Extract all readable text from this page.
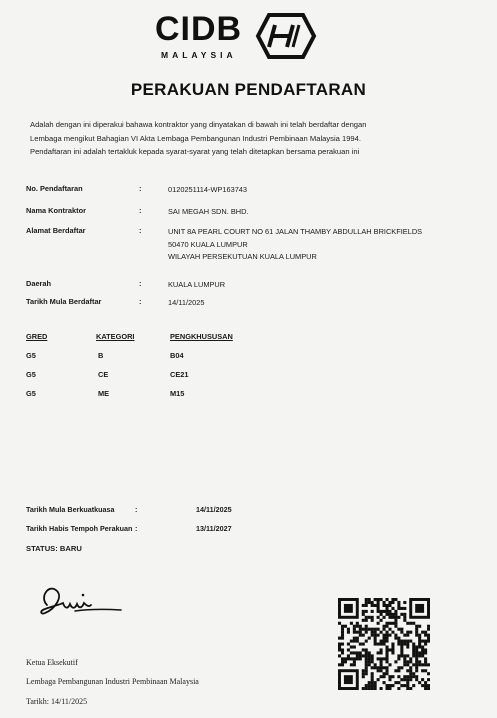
CIDB
MALAYSIA
PERAKUAN PENDAFTARAN
Adalah dengan ini diperakui bahawa kontraktor yang dinyatakan di bawah ini telah berdaftar dengan
Lembaga mengikut Bahagian VI Akta Lembaga Pembangunan Industri Pembinaan Malaysia 1994.
Pendaftaran ini adalah tertakluk kepada syarat-syarat yang telah ditetapkan bersama perakuan ini
No. Pendaftaran	:	0120251114-WP163743
Nama Kontraktor	:	SAI MEGAH SDN. BHD.
Alamat Berdaftar	:	UNIT 8A PEARL COURT NO 61 JALAN THAMBY ABDULLAH BRICKFIELDS
50470 KUALA LUMPUR
WILAYAH PERSEKUTUAN KUALA LUMPUR
Daerah	:	KUALA LUMPUR
Tarikh Mula Berdaftar	:	14/11/2025
GRED	KATEGORI	PENGKHUSUSAN
G5	B	B04
G5	CE	CE21
G5	ME	M15
Tarikh Mula Berkuatkuasa	:	14/11/2025
Tarikh Habis Tempoh Perakuan :	13/11/2027
STATUS: BARU
Ketua Eksekutif
Lembaga Pembangunan Industri Pembinaan Malaysia
Tarikh: 14/11/2025
